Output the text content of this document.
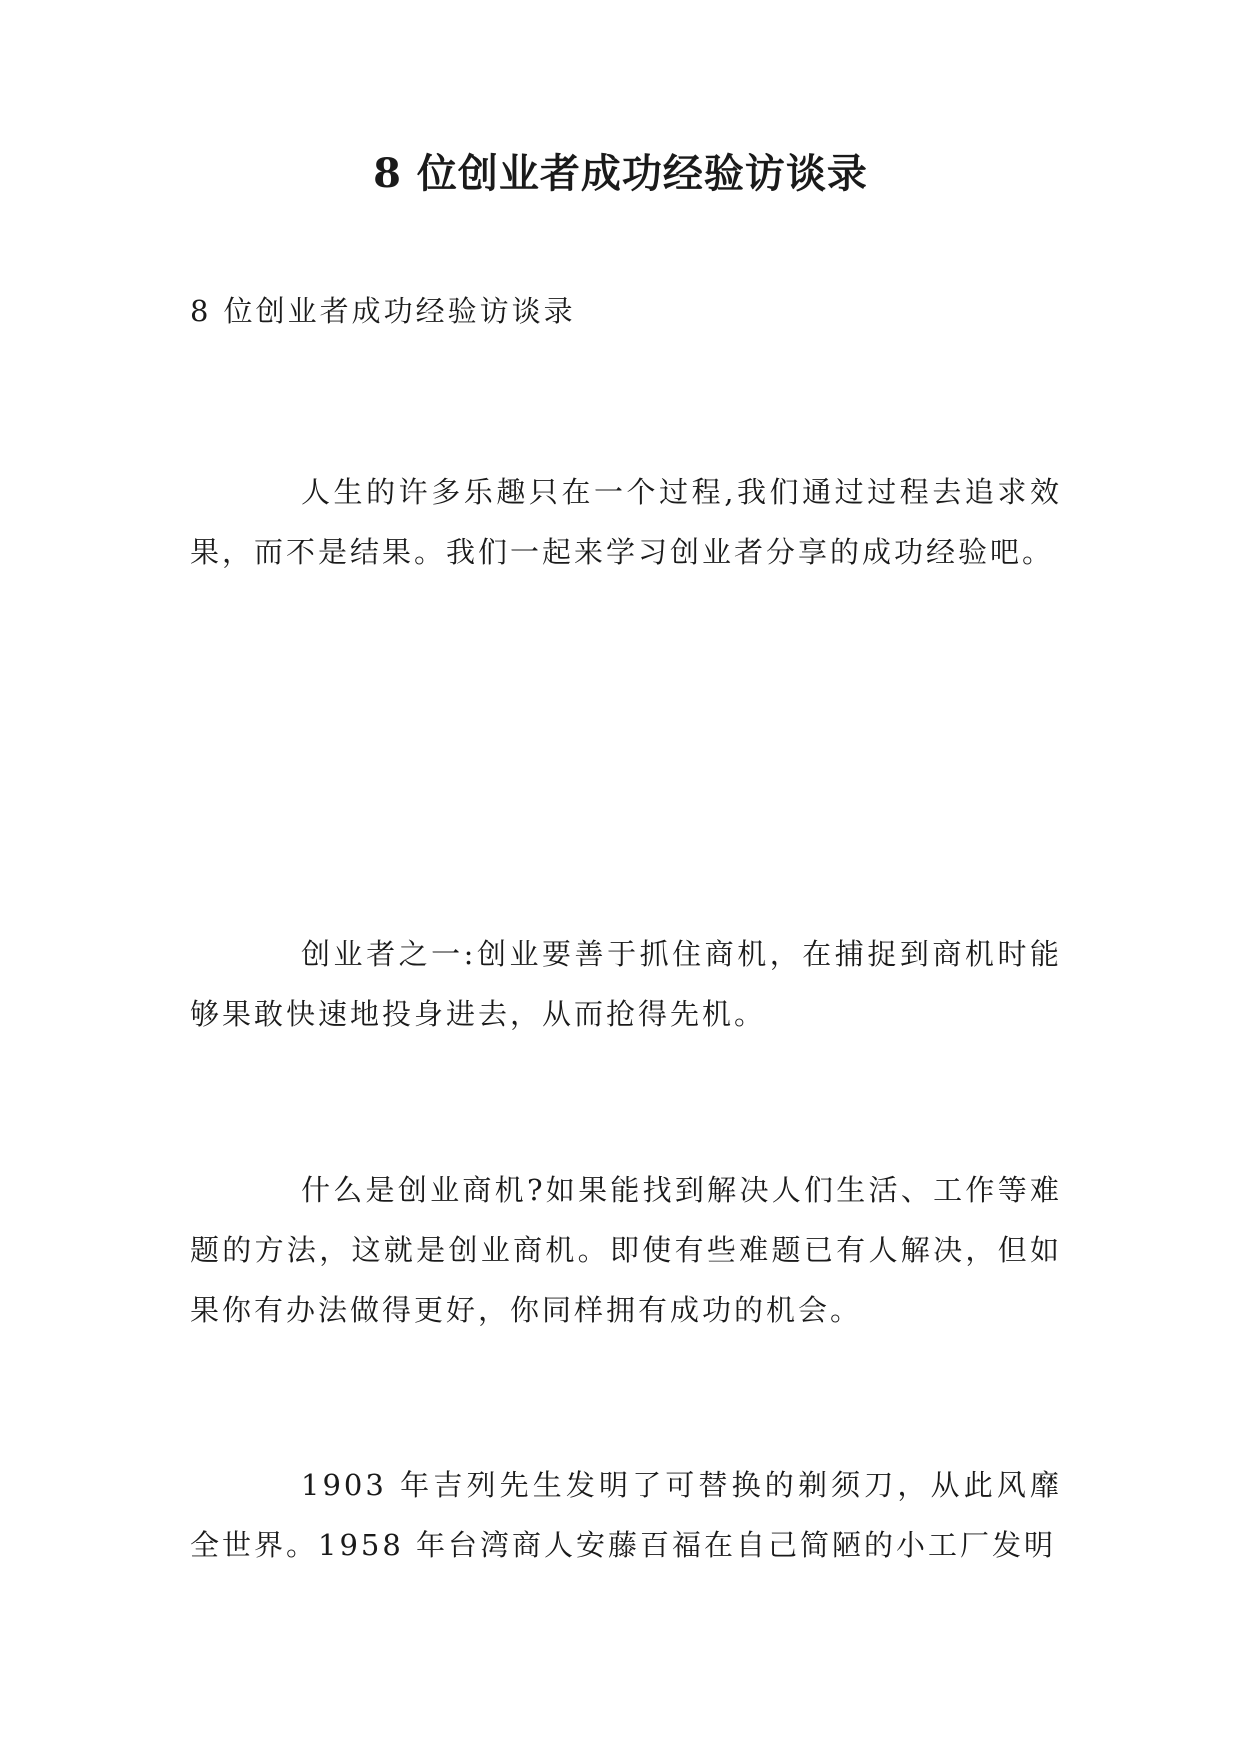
8 位创业者成功经验访谈录
8 位创业者成功经验访谈录

人生的许多乐趣只在一个过程,我们通过过程去追求效果，而不是结果。我们一起来学习创业者分享的成功经验吧。

创业者之一:创业要善于抓住商机，在捕捉到商机时能够果敢快速地投身进去，从而抢得先机。

什么是创业商机?如果能找到解决人们生活、工作等难题的方法，这就是创业商机。即使有些难题已有人解决，但如果你有办法做得更好，你同样拥有成功的机会。

1903 年吉列先生发明了可替换的剃须刀，从此风靡全世界。1958 年台湾商人安藤百福在自己简陋的小工厂发明
